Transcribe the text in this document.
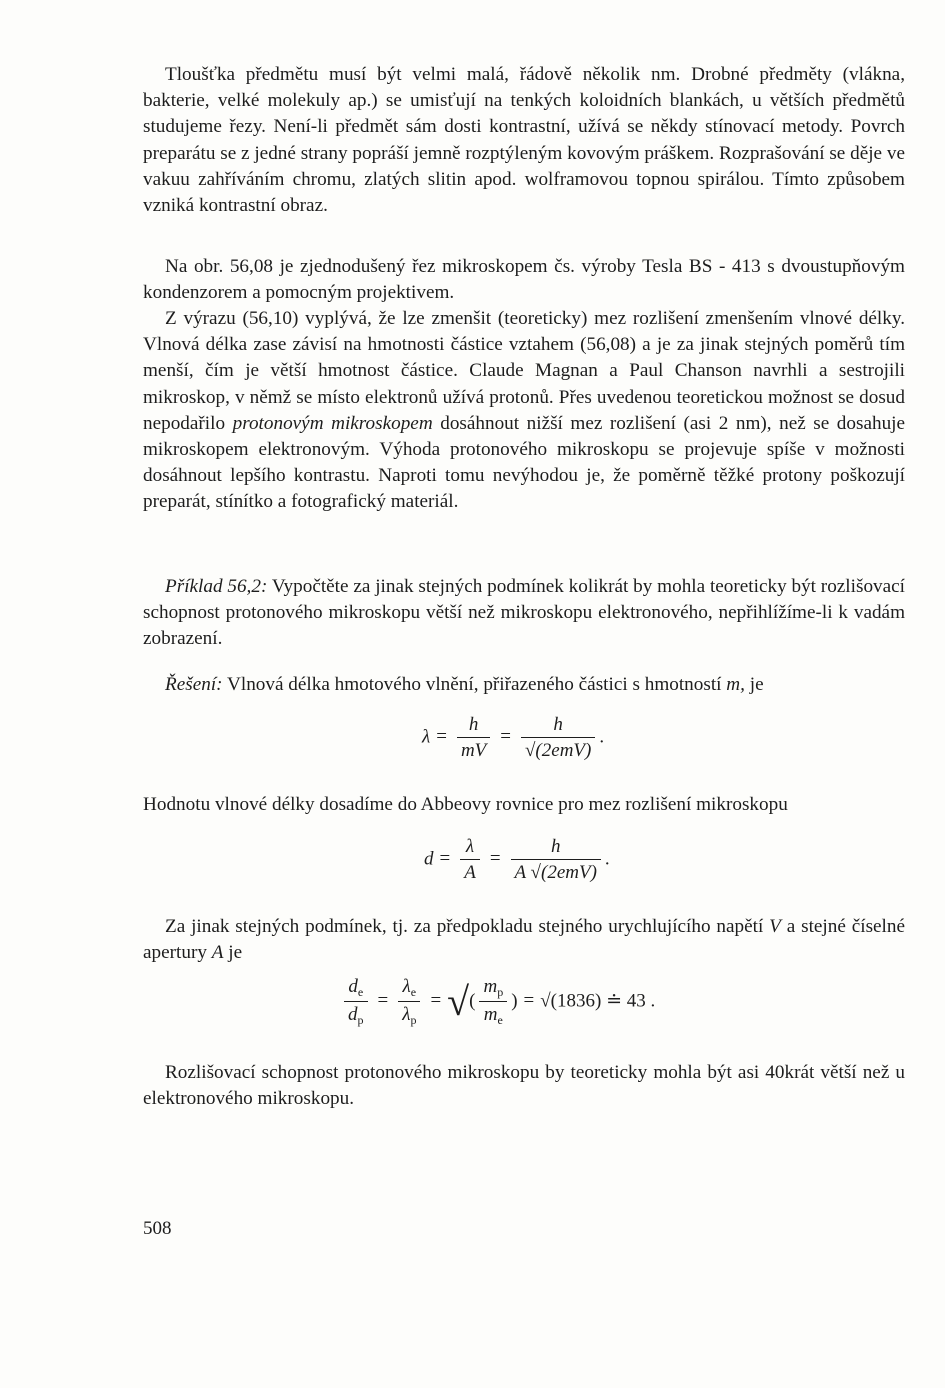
Tloušťka předmětu musí být velmi malá, řádově několik nm. Drobné předměty (vlákna, bakterie, velké molekuly ap.) se umisťují na tenkých koloidních blankách, u větších předmětů studujeme řezy. Není-li předmět sám dosti kontrastní, užívá se někdy stínovací metody. Povrch preparátu se z jedné strany popráší jemně rozptýleným kovovým práškem. Rozprašování se děje ve vakuu zahříváním chromu, zlatých slitin apod. wolframovou topnou spirálou. Tímto způsobem vzniká kontrastní obraz.

Na obr. 56,08 je zjednodušený řez mikroskopem čs. výroby Tesla BS - 413 s dvoustupňovým kondenzorem a pomocným projektivem.

Z výrazu (56,10) vyplývá, že lze zmenšit (teoreticky) mez rozlišení zmenšením vlnové délky. Vlnová délka zase závisí na hmotnosti částice vztahem (56,08) a je za jinak stejných poměrů tím menší, čím je větší hmotnost částice. Claude Magnan a Paul Chanson navrhli a sestrojili mikroskop, v němž se místo elektronů užívá protonů. Přes uvedenou teoretickou možnost se dosud nepodařilo protonovým mikroskopem dosáhnout nižší mez rozlišení (asi 2 nm), než se dosahuje mikroskopem elektronovým. Výhoda protonového mikroskopu se projevuje spíše v možnosti dosáhnout lepšího kontrastu. Naproti tomu nevýhodou je, že poměrně těžké protony poškozují preparát, stínítko a fotografický materiál.

Příklad 56,2: Vypočtěte za jinak stejných podmínek kolikrát by mohla teoreticky být rozlišovací schopnost protonového mikroskopu větší než mikroskopu elektronového, nepřihlížíme-li k vadám zobrazení.

Řešení: Vlnová délka hmotového vlnění, přiřazeného částici s hmotností m, je

$\lambda = \frac{h}{mV} = \frac{h}{\text{√(2emV)}}$ .

Hodnotu vlnové délky dosadíme do Abbeovy rovnice pro mez rozlišení mikroskopu

$d = \frac{\lambda}{A} = \frac{h}{\text{A √(2emV)}}$ .

Za jinak stejných podmínek, tj. za předpokladu stejného urychlujícího napětí V a stejné číselné apertury A je

$\frac{d_e}{d_p} = \frac{\lambda_e}{\lambda_p}$ = √( $\frac{m_p}{m_e}$ ) = √(1836) ≐ 43 .

Rozlišovací schopnost protonového mikroskopu by teoreticky mohla být asi 40krát větší než u elektronového mikroskopu.

508
